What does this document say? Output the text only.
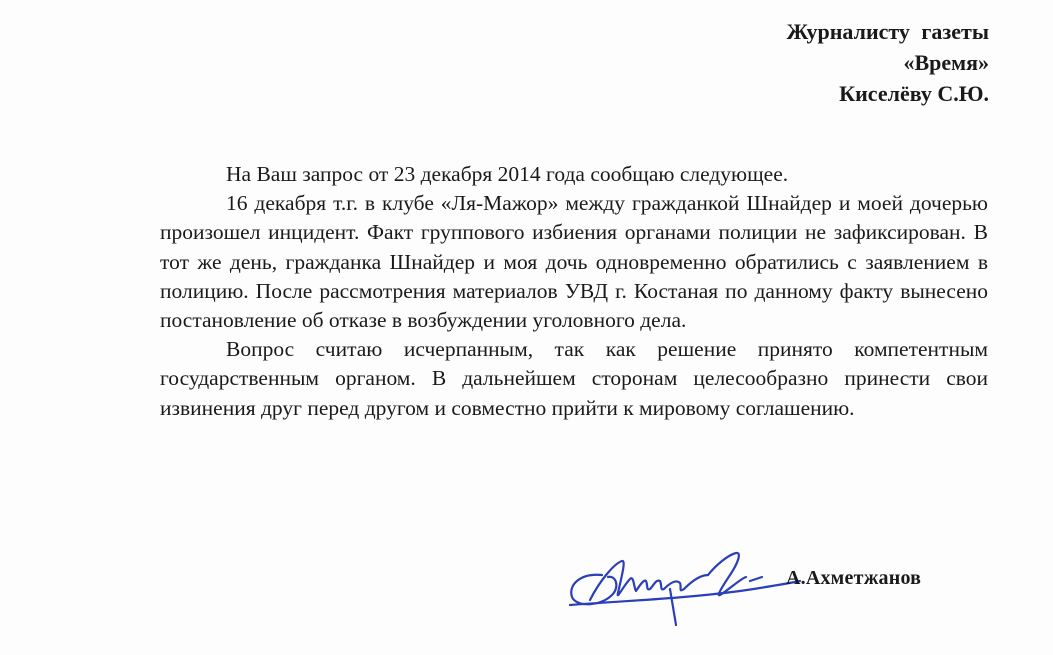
Журналисту газеты
«Время»
Киселёву С.Ю.

На Ваш запрос от 23 декабря 2014 года сообщаю следующее.

16 декабря т.г. в клубе «Ля-Мажор» между гражданкой Шнайдер и моей дочерью произошел инцидент. Факт группового избиения органами полиции не зафиксирован. В тот же день, гражданка Шнайдер и моя дочь одновременно обратились с заявлением в полицию. После рассмотрения материалов УВД г. Костаная по данному факту вынесено постановление об отказе в возбуждении уголовного дела.

Вопрос считаю исчерпанным, так как решение принято компетентным государственным органом. В дальнейшем сторонам целесообразно принести свои извинения друг перед другом и совместно прийти к мировому соглашению.

А.Ахметжанов
